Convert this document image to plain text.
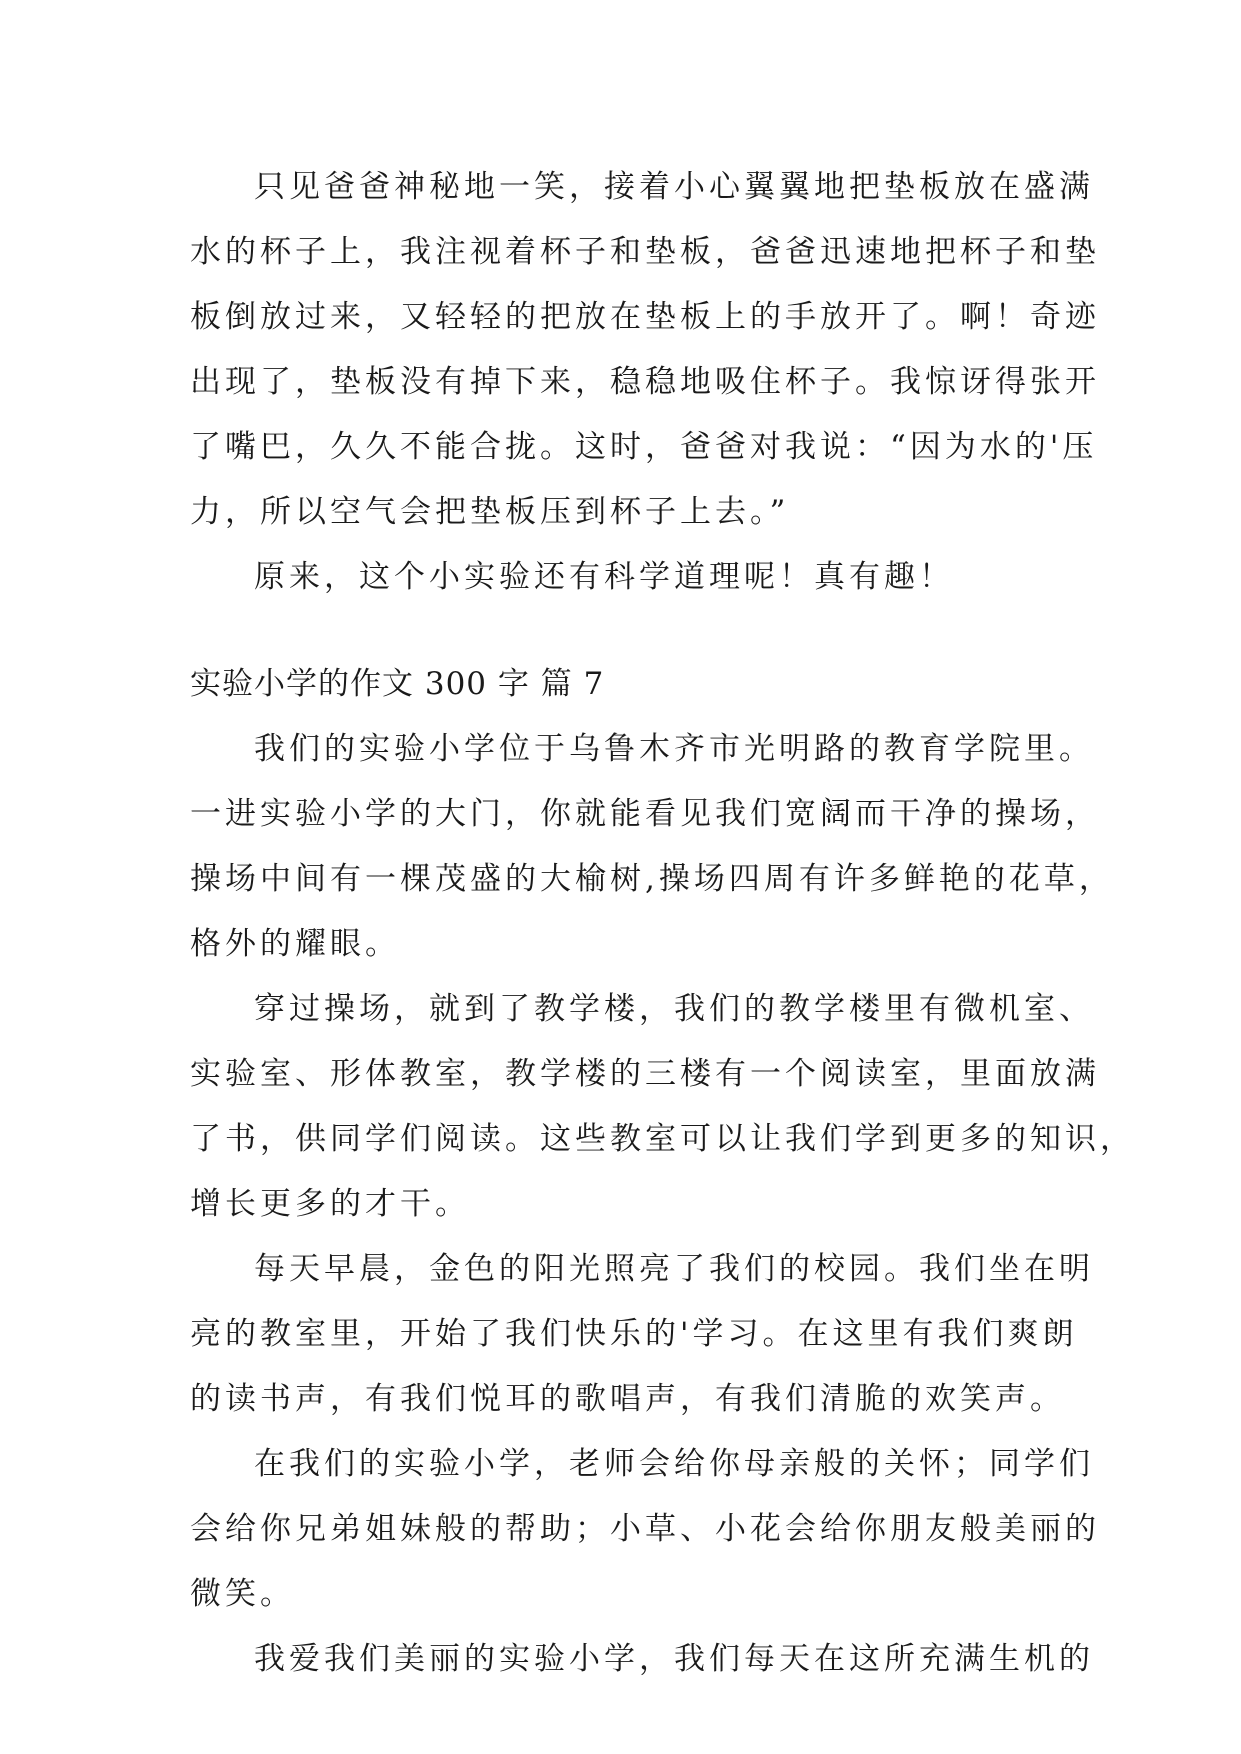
只见爸爸神秘地一笑，接着小心翼翼地把垫板放在盛满
水的杯子上，我注视着杯子和垫板，爸爸迅速地把杯子和垫
板倒放过来，又轻轻的把放在垫板上的手放开了。啊！奇迹
出现了，垫板没有掉下来，稳稳地吸住杯子。我惊讶得张开
了嘴巴，久久不能合拢。这时，爸爸对我说：“因为水的'压
力，所以空气会把垫板压到杯子上去。”
原来，这个小实验还有科学道理呢！真有趣！
实验小学的作文 300 字 篇 7
我们的实验小学位于乌鲁木齐市光明路的教育学院里。
一进实验小学的大门，你就能看见我们宽阔而干净的操场，
操场中间有一棵茂盛的大榆树,操场四周有许多鲜艳的花草，
格外的耀眼。
穿过操场，就到了教学楼，我们的教学楼里有微机室、
实验室、形体教室，教学楼的三楼有一个阅读室，里面放满
了书，供同学们阅读。这些教室可以让我们学到更多的知识，
增长更多的才干。
每天早晨，金色的阳光照亮了我们的校园。我们坐在明
亮的教室里，开始了我们快乐的'学习。在这里有我们爽朗
的读书声，有我们悦耳的歌唱声，有我们清脆的欢笑声。
在我们的实验小学，老师会给你母亲般的关怀；同学们
会给你兄弟姐妹般的帮助；小草、小花会给你朋友般美丽的
微笑。
我爱我们美丽的实验小学，我们每天在这所充满生机的
